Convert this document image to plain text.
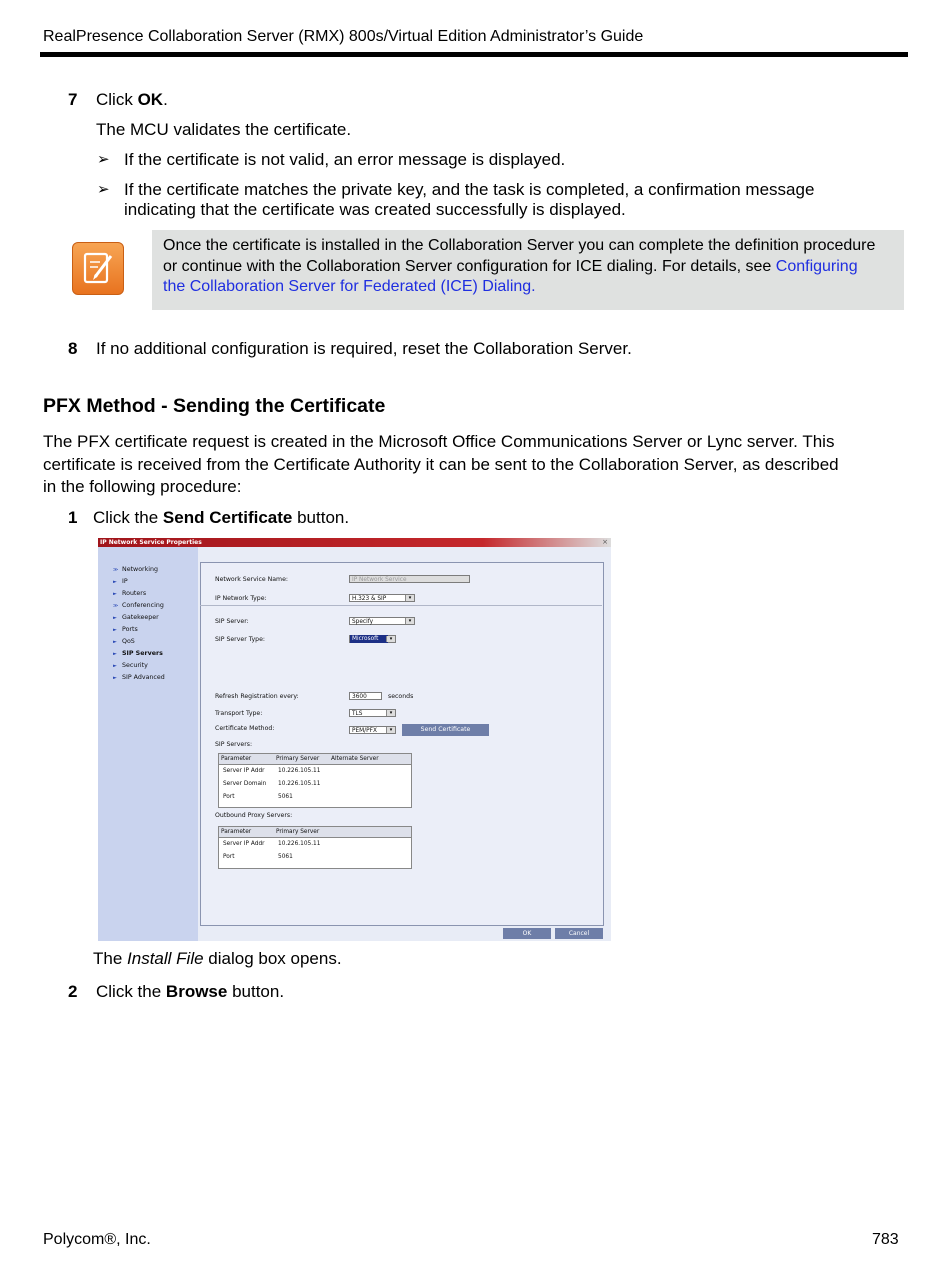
RealPresence Collaboration Server (RMX) 800s/Virtual Edition Administrator’s Guide
7 Click OK.
The MCU validates the certificate.
➢ If the certificate is not valid, an error message is displayed.
➢ If the certificate matches the private key, and the task is completed, a confirmation message
indicating that the certificate was created successfully is displayed.
Once the certificate is installed in the Collaboration Server you can complete the definition procedure
or continue with the Collaboration Server configuration for ICE dialing. For details, see Configuring
the Collaboration Server for Federated (ICE) Dialing.
8 If no additional configuration is required, reset the Collaboration Server.
PFX Method - Sending the Certificate
The PFX certificate request is created in the Microsoft Office Communications Server or Lync server. This
certificate is received from the Certificate Authority it can be sent to the Collaboration Server, as described
in the following procedure:
1 Click the Send Certificate button.
IP Network Service Properties	×
≫ Networking
► IP
► Routers
≫ Conferencing
► Gatekeeper
► Ports
► QoS
► SIP Servers
► Security
► SIP Advanced
Network Service Name:	IP Network Service
IP Network Type:	H.323 & SIP	▾
SIP Server:	Specify	▾
SIP Server Type:	Microsoft	▾
Refresh Registration every:	3600	seconds
Transport Type:	TLS	▾
Certificate Method:	PEM/PFX	▾	Send Certificate
SIP Servers:
Parameter	Primary Server Alternate Server
Server IP Addr 10.226.105.11
Server Domain 10.226.105.11
Port	5061
Outbound Proxy Servers:
Parameter	Primary Server
Server IP Addr 10.226.105.11
Port	5061
OK	Cancel
The Install File dialog box opens.
2 Click the Browse button.
Polycom®, Inc.	783
